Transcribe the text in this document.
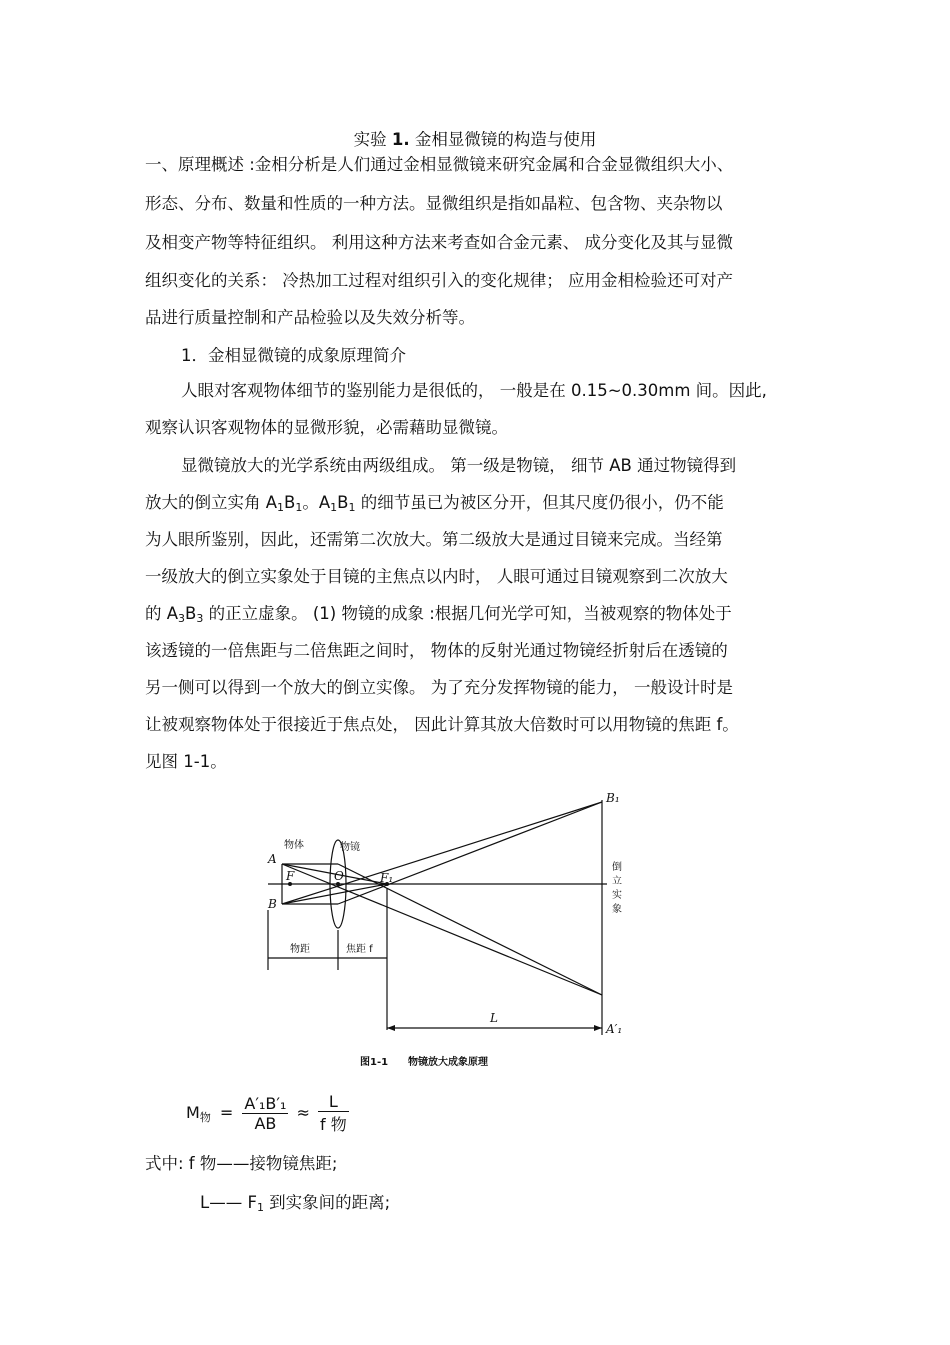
实验 1. 金相显微镜的构造与使用
一、原理概述 :金相分析是人们通过金相显微镜来研究金属和合金显微组织大小、
形态、分布、数量和性质的一种方法。显微组织是指如晶粒、包含物、夹杂物以
及相变产物等特征组织。 利用这种方法来考查如合金元素、 成分变化及其与显微
组织变化的关系： 冷热加工过程对组织引入的变化规律； 应用金相检验还可对产
品进行质量控制和产品检验以及失效分析等。
1．金相显微镜的成象原理简介
人眼对客观物体细节的鉴别能力是很低的， 一般是在 0.15~0.30mm 间。因此,
观察认识客观物体的显微形貌，必需藉助显微镜。
显微镜放大的光学系统由两级组成。 第一级是物镜， 细节 AB 通过物镜得到
放大的倒立实角 $A_1B_1$。$A_1B_1$ 的细节虽已为被区分开，但其尺度仍很小，仍不能
为人眼所鉴别，因此，还需第二次放大。第二级放大是通过目镜来完成。当经第
一级放大的倒立实象处于目镜的主焦点以内时， 人眼可通过目镜观察到二次放大
的 $A_3B_3$ 的正立虚象。 (1) 物镜的成象 :根据几何光学可知，当被观察的物体处于
该透镜的一倍焦距与二倍焦距之间时， 物体的反射光通过物镜经折射后在透镜的
另一侧可以得到一个放大的倒立实像。 为了充分发挥物镜的能力， 一般设计时是
让被观察物体处于很接近于焦点处， 因此计算其放大倍数时可以用物镜的焦距 f。
见图 1-1。
A
B
F	O	F₁
B₁
A′₁
L
物体	物镜
物距	焦距 f
倒
立
实
象
图1-1 物镜放大成象原理
$M_物 = \frac{\text{A′₁B′₁}}{AB} \approx \frac{L}{\text{f 物}}$
式中: f 物——接物镜焦距;
L—— $F_1$ 到实象间的距离;
